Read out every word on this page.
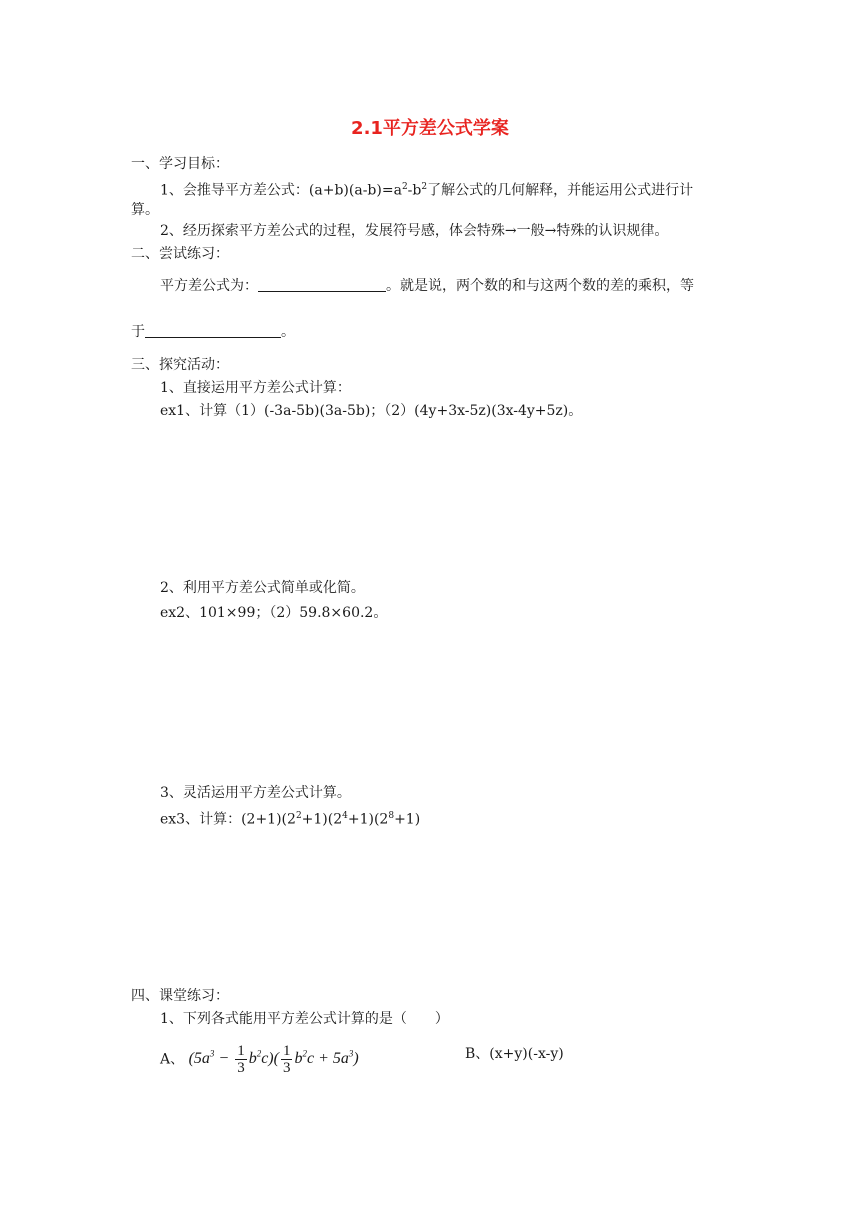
2.1平方差公式学案
一、学习目标：
1、会推导平方差公式：$(a+b)(a-b)=a^2-b^2$了解公式的几何解释，并能运用公式进行计
算。
2、经历探索平方差公式的过程，发展符号感，体会特殊→一般→特殊的认识规律。
二、尝试练习：
平方差公式为：	。就是说，两个数的和与这两个数的差的乘积，等
于	。
三、探究活动：
1、直接运用平方差公式计算：
ex1、计算（1）(-3a-5b)(3a-5b)；（2）(4y+3x-5z)(3x-4y+5z)。
2、利用平方差公式简单或化简。
ex2、101×99；（2）59.8×60.2。
3、灵活运用平方差公式计算。
ex3、计算：$(2+1)(2^2+1)(2^4+1)(2^8+1)$
四、课堂练习：
1、下列各式能用平方差公式计算的是（　　）
A、 $(5a^3 - \frac{1}{3} b^2c)( \frac{1}{3} b^2c + 5a^3)$	B、(x+y)(-x-y)
